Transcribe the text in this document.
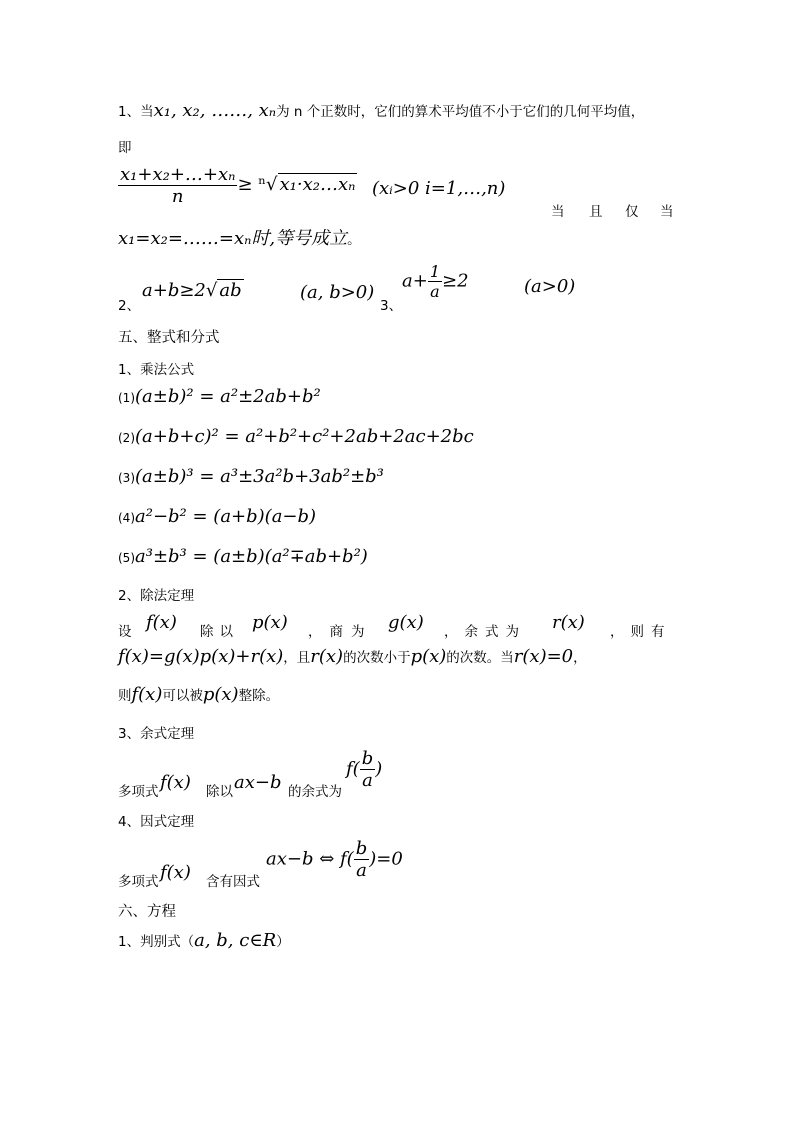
1、当x₁, x₂, ……, xₙ为 n 个正数时，它们的算术平均值不小于它们的几何平均值，
即
$\frac{\text{x₁+x₂+…+xₙ}}{n} \ge ^n√$ x₁·x₂…xₙ (xᵢ>0 i=1,…,n)
当 且 仅 当
x₁=x₂=……=xₙ时,等号成立。
2、
a+b≥2√ ab	(a, b>0)
3、
$a+ \frac{1}{a} \ge 2$	(a>0)
五、整式和分式
1、乘法公式
(1)(a±b)² = a²±2ab+b²
(2)(a+b+c)² = a²+b²+c²+2ab+2ac+2bc
(3)(a±b)³ = a³±3a²b+3ab²±b³
(4)a²−b² = (a+b)(a−b)
(5)a³±b³ = (a±b)(a²∓ab+b²)
2、除法定理
设 f(x) 除以 p(x) ，商为 g(x) ，余式为 r(x) ，则有
f(x)=g(x)p(x)+r(x)，且r(x)的次数小于p(x)的次数。当r(x)=0，
则f(x)可以被p(x)整除。
3、余式定理
多项式 f(x) 除以 ax−b 的余式为
$f( \frac{b}{a}$ )
4、因式定理
多项式 f(x) 含有因式
ax−b ⇔ $f( \frac{b}{a} )=0$
六、方程
1、判别式（a, b, c∈R）
